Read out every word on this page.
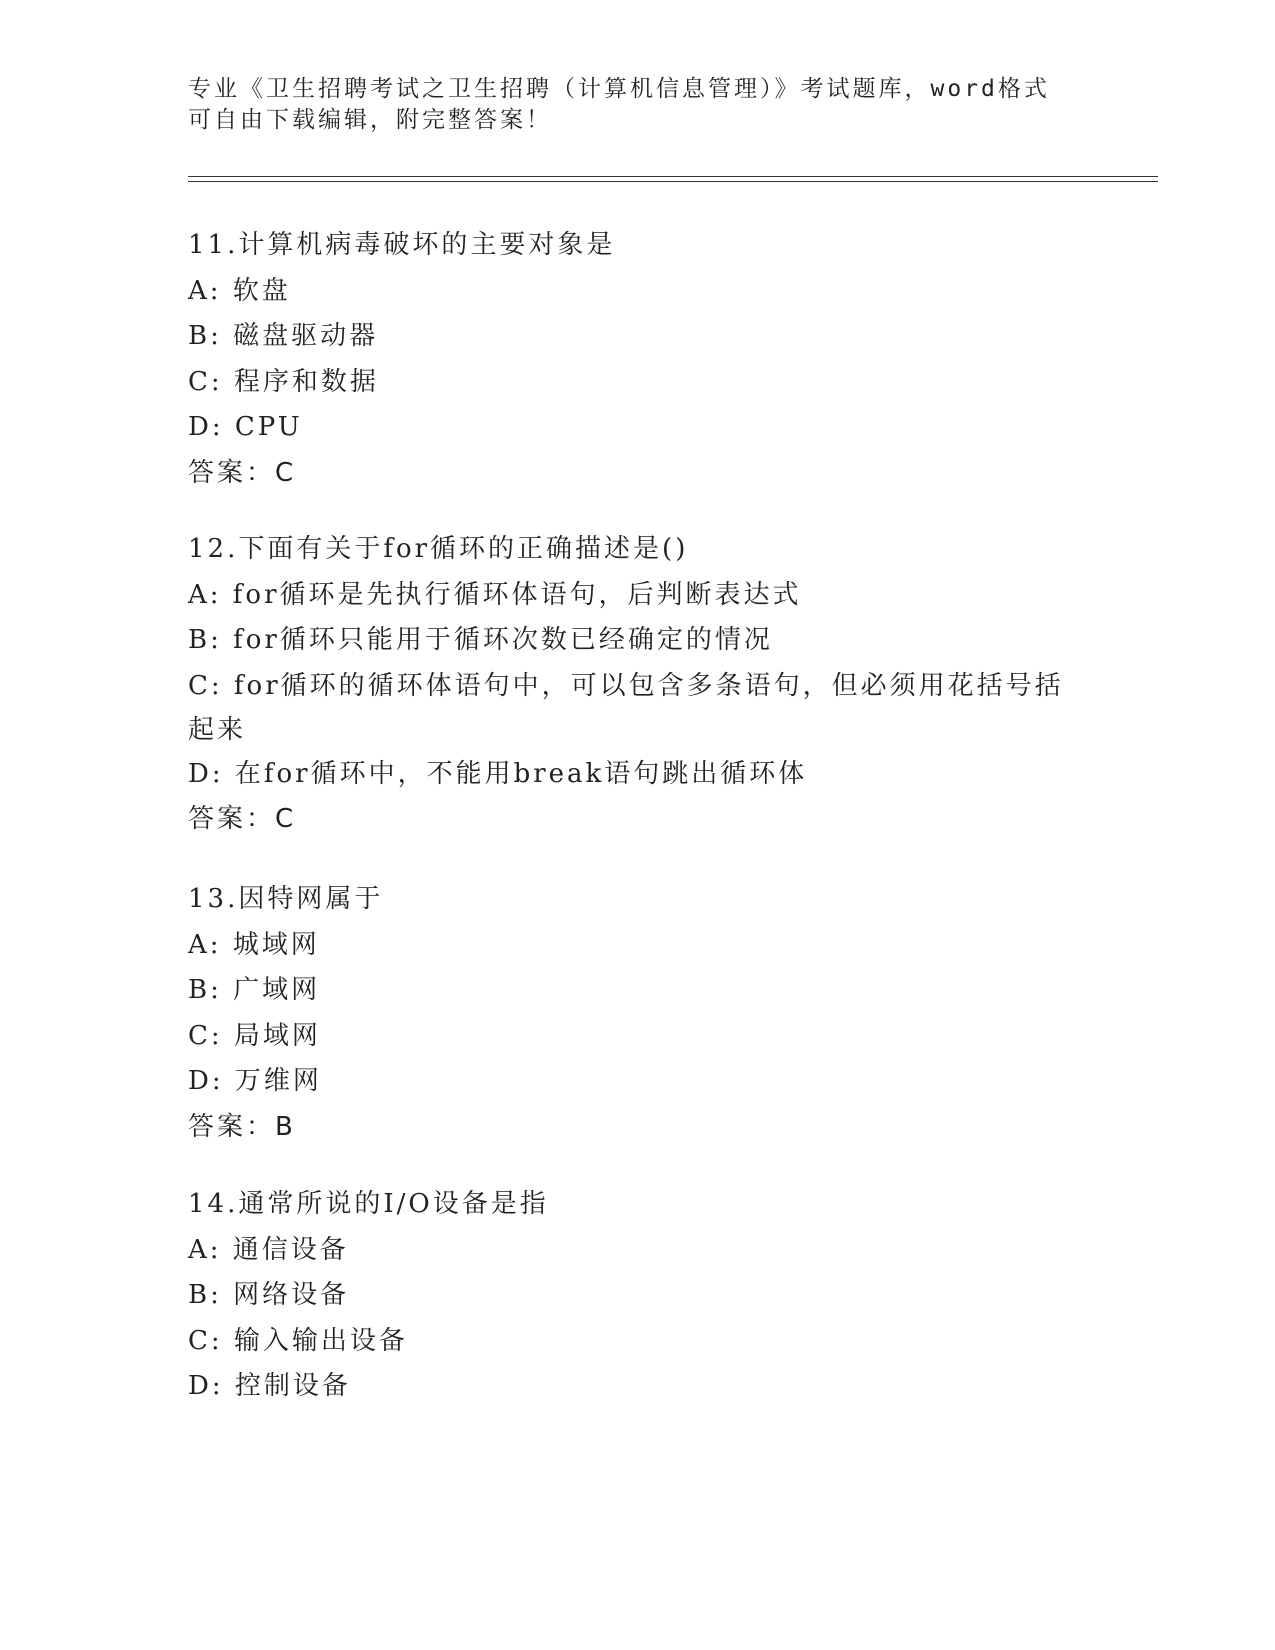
专业《卫生招聘考试之卫生招聘（计算机信息管理）》考试题库，word格式可自由下载编辑，附完整答案！
11.计算机病毒破坏的主要对象是
A: 软盘
B: 磁盘驱动器
C: 程序和数据
D: CPU
答案：C
12.下面有关于for循环的正确描述是()
A: for循环是先执行循环体语句，后判断表达式
B: for循环只能用于循环次数已经确定的情况
C: for循环的循环体语句中，可以包含多条语句，但必须用花括号括起来
D: 在for循环中，不能用break语句跳出循环体
答案：C
13.因特网属于
A: 城域网
B: 广域网
C: 局域网
D: 万维网
答案：B
14.通常所说的I/O设备是指
A: 通信设备
B: 网络设备
C: 输入输出设备
D: 控制设备
